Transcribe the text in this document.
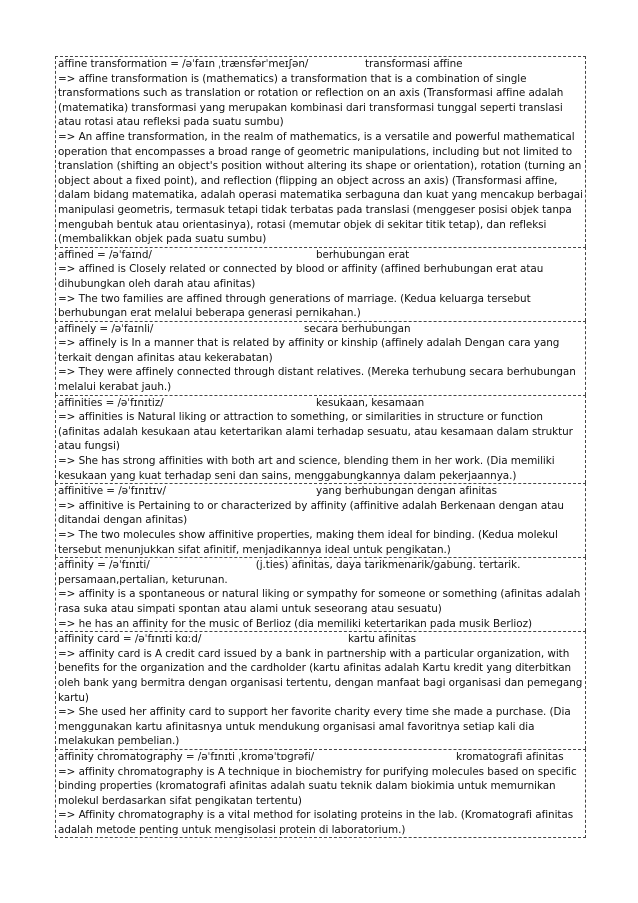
affine transformation = /əˈfaɪn ˌtrænsfərˈmeɪʃən/	transformasi affine

=> affine transformation is (mathematics) a transformation that is a combination of single transformations such as translation or rotation or reflection on an axis (Transformasi affine adalah (matematika) transformasi yang merupakan kombinasi dari transformasi tunggal seperti translasi atau rotasi atau refleksi pada suatu sumbu)

=> An affine transformation, in the realm of mathematics, is a versatile and powerful mathematical operation that encompasses a broad range of geometric manipulations, including but not limited to translation (shifting an object's position without altering its shape or orientation), rotation (turning an object about a fixed point), and reflection (flipping an object across an axis) (Transformasi affine, dalam bidang matematika, adalah operasi matematika serbaguna dan kuat yang mencakup berbagai manipulasi geometris, termasuk tetapi tidak terbatas pada translasi (menggeser posisi objek tanpa mengubah bentuk atau orientasinya), rotasi (memutar objek di sekitar titik tetap), dan refleksi (membalikkan objek pada suatu sumbu)

affined = /əˈfaɪnd/	berhubungan erat

=> affined is Closely related or connected by blood or affinity (affined berhubungan erat atau dihubungkan oleh darah atau afinitas)

=> The two families are affined through generations of marriage. (Kedua keluarga tersebut berhubungan erat melalui beberapa generasi pernikahan.)

affinely = /əˈfaɪnli/	secara berhubungan

=> affinely is In a manner that is related by affinity or kinship (affinely adalah Dengan cara yang terkait dengan afinitas atau kekerabatan)

=> They were affinely connected through distant relatives. (Mereka terhubung secara berhubungan melalui kerabat jauh.)

affinities = /əˈfɪnɪtiz/	kesukaan, kesamaan

=> affinities is Natural liking or attraction to something, or similarities in structure or function (afinitas adalah kesukaan atau ketertarikan alami terhadap sesuatu, atau kesamaan dalam struktur atau fungsi)

=> She has strong affinities with both art and science, blending them in her work. (Dia memiliki kesukaan yang kuat terhadap seni dan sains, menggabungkannya dalam pekerjaannya.)

affinitive = /əˈfɪnɪtɪv/	yang berhubungan dengan afinitas

=> affinitive is Pertaining to or characterized by affinity (affinitive adalah Berkenaan dengan atau ditandai dengan afinitas)

=> The two molecules show affinitive properties, making them ideal for binding. (Kedua molekul tersebut menunjukkan sifat afinitif, menjadikannya ideal untuk pengikatan.)

affinity = /əˈfɪnɪti/	(j.ties) afinitas, daya tarikmenarik/gabung. tertarik. persamaan,pertalian, keturunan.

=> affinity is a spontaneous or natural liking or sympathy for someone or something (afinitas adalah rasa suka atau simpati spontan atau alami untuk seseorang atau sesuatu)

=> he has an affinity for the music of Berlioz (dia memiliki ketertarikan pada musik Berlioz)

affinity card = /əˈfɪnɪti kɑːd/	kartu afinitas

=> affinity card is A credit card issued by a bank in partnership with a particular organization, with benefits for the organization and the cardholder (kartu afinitas adalah Kartu kredit yang diterbitkan oleh bank yang bermitra dengan organisasi tertentu, dengan manfaat bagi organisasi dan pemegang kartu)

=> She used her affinity card to support her favorite charity every time she made a purchase. (Dia menggunakan kartu afinitasnya untuk mendukung organisasi amal favoritnya setiap kali dia melakukan pembelian.)

affinity chromatography = /əˈfɪnɪti ˌkroməˈtɒɡrəfi/	kromatografi afinitas

=> affinity chromatography is A technique in biochemistry for purifying molecules based on specific binding properties (kromatografi afinitas adalah suatu teknik dalam biokimia untuk memurnikan molekul berdasarkan sifat pengikatan tertentu)

=> Affinity chromatography is a vital method for isolating proteins in the lab. (Kromatografi afinitas adalah metode penting untuk mengisolasi protein di laboratorium.)
